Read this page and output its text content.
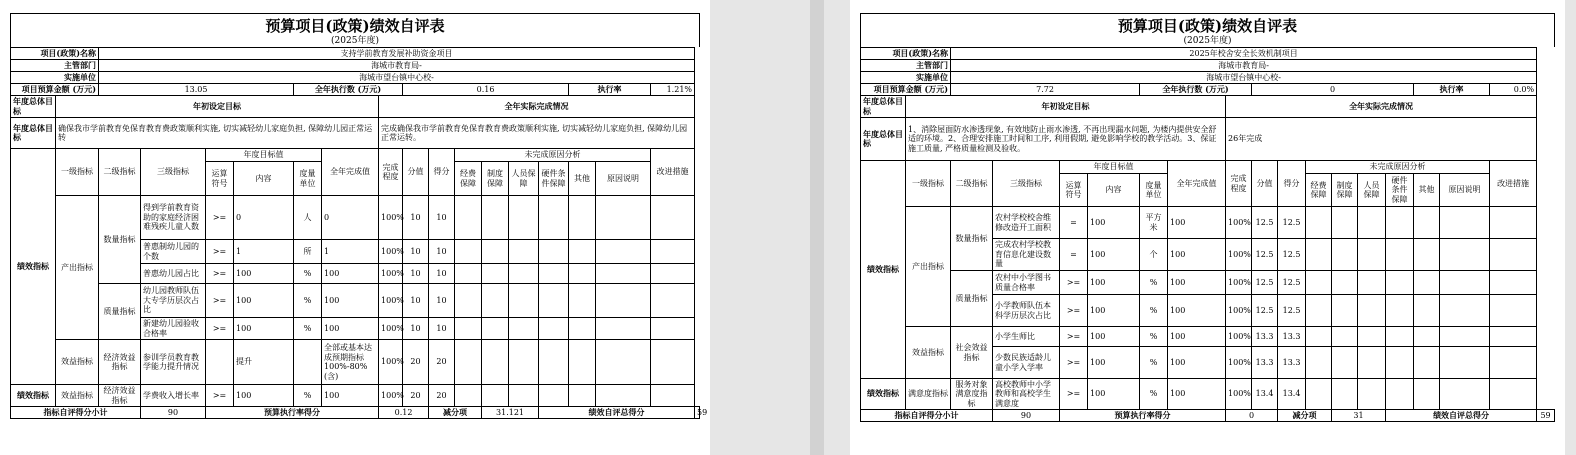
预算项目(政策)绩效自评表
(2025年度)
项目(政策)名称		支持学前教育发展补助资金项目																
主管部门		海城市教育局-																
实施单位		海城市望台镇中心校-																
项目预算金额 (万元)		13.05				全年执行数 (万元)			0.16						执行率		1.21%	
年度总体目标	年初设定目标							全年实际完成情况										
年度总体目标	确保我市学前教育免保育教育费政策顺利实施, 切实减轻幼儿家庭负担, 保障幼儿园正常运转							完成确保我市学前教育免保育教育费政策顺利实施, 切实减轻幼儿家庭负担, 保障幼儿园正常运转。										
绩效指标	一级指标	二级指标	三级指标	年度目标值			全年完成值	完成程度	分值	得分	未完成原因分析						改进措施	
				运算符号	内容	度量单位					经费保障	制度保障	人员保障	硬件条件保障	其他	原因说明		

	产出指标	数量指标	得到学前教育资助的家庭经济困难残疾儿童人数	>=	0	人	0	100%	10	10								
			普惠制幼儿园的个数	>=	1	所	1	100%	10	10								
			普惠幼儿园占比	>=	100	%	100	100%	10	10								
		质量指标	幼儿园教师队伍大专学历层次占比	>=	100	%	100	100%	10	10								
			新建幼儿园验收合格率	>=	100	%	100	100%	10	10								
	效益指标	经济效益指标	参训学员教育教学能力提升情况		提升		全部或基本达成预期指标100%-80%(含)	100%	20	20								
绩效指标	效益指标	经济效益指标	学费收入增长率	>=	100	%	100	100%	20	20								
指标自评得分小计			90	预算执行率得分				0.12		减分项		31.121		绩效自评总得分				59
预算项目(政策)绩效自评表
(2025年度)
项目(政策)名称		2025年校舍安全长效机制项目																
主管部门		海城市教育局-																
实施单位		海城市望台镇中心校-																
项目预算金额 (万元)		7.72				全年执行数 (万元)			0						执行率		0.0%	
年度总体目标	年初设定目标							全年实际完成情况										
年度总体目标	1、消除屋面防水渗透现象, 有效地防止雨水渗透, 不再出现漏水问题, 为楼内提供安全舒适的环境。2、合理安排施工时间和工序, 利用假期, 避免影响学校的教学活动。3、保证施工质量, 严格质量检测及验收。							26年完成										
绩效指标	一级指标	二级指标	三级指标	年度目标值			全年完成值	完成程度	分值	得分	未完成原因分析						改进措施	
				运算符号	内容	度量单位					经费保障	制度保障	人员保障	硬件条件保障	其他	原因说明		

	产出指标	数量指标	农村学校校舍维修改造开工面积	=	100	平方米	100	100%	12.5	12.5								
			完成农村学校教育信息化建设数量	=	100	个	100	100%	12.5	12.5								
		质量指标	农村中小学图书质量合格率	>=	100	%	100	100%	12.5	12.5								
			小学教师队伍本科学历层次占比	>=	100	%	100	100%	12.5	12.5								
	效益指标	社会效益指标	小学生师比	>=	100	%	100	100%	13.3	13.3								
			少数民族适龄儿童小学入学率	>=	100	%	100	100%	13.3	13.3								
绩效指标	满意度指标	服务对象满意度指标	高校教师中小学教师和高校学生满意度	>=	100	%	100	100%	13.4	13.4								
指标自评得分小计			90	预算执行率得分				0		减分项		31		绩效自评总得分				59
